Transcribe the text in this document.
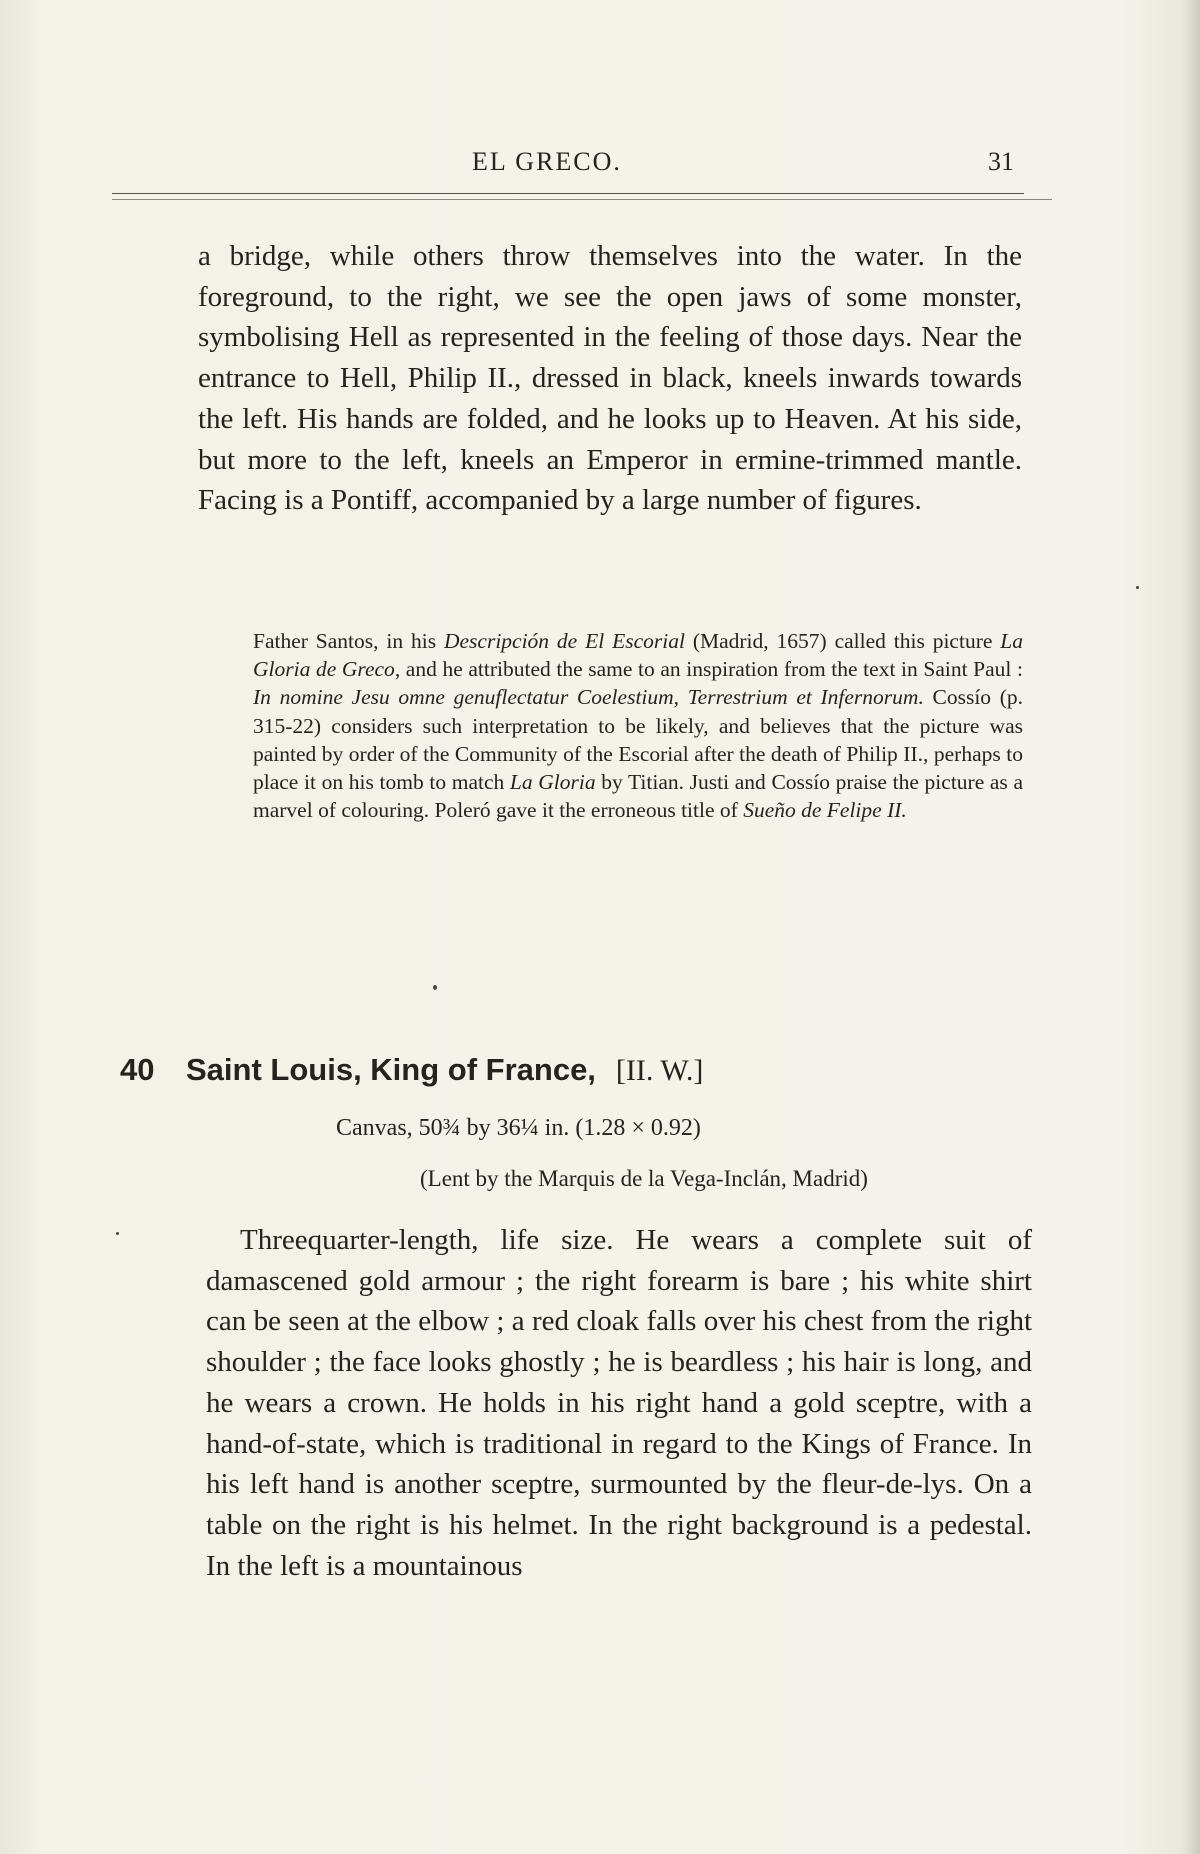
EL GRECO.	31

a bridge, while others throw themselves into the water. In the foreground, to the right, we see the open jaws of some monster, symbolising Hell as represented in the feeling of those days. Near the entrance to Hell, Philip II., dressed in black, kneels inwards towards the left. His hands are folded, and he looks up to Heaven. At his side, but more to the left, kneels an Emperor in ermine-trimmed mantle. Facing is a Pontiff, accompanied by a large number of figures.

Father Santos, in his Descripción de El Escorial (Madrid, 1657) called this picture La Gloria de Greco, and he attributed the same to an inspiration from the text in Saint Paul : In nomine Jesu omne genuflectatur Coelestium, Terrestrium et Infernorum. Cossío (p. 315-22) considers such interpretation to be likely, and believes that the picture was painted by order of the Community of the Escorial after the death of Philip II., perhaps to place it on his tomb to match La Gloria by Titian. Justi and Cossío praise the picture as a marvel of colouring. Poleró gave it the erroneous title of Sueño de Felipe II.

40 Saint Louis, King of France, [II. W.]
Canvas, 50¾ by 36¼ in. (1.28 × 0.92)
(Lent by the Marquis de la Vega-Inclán, Madrid)

Threequarter-length, life size. He wears a complete suit of damascened gold armour ; the right forearm is bare ; his white shirt can be seen at the elbow ; a red cloak falls over his chest from the right shoulder ; the face looks ghostly ; he is beardless ; his hair is long, and he wears a crown. He holds in his right hand a gold sceptre, with a hand-of-state, which is traditional in regard to the Kings of France. In his left hand is another sceptre, surmounted by the fleur-de-lys. On a table on the right is his helmet. In the right background is a pedestal. In the left is a mountainous
